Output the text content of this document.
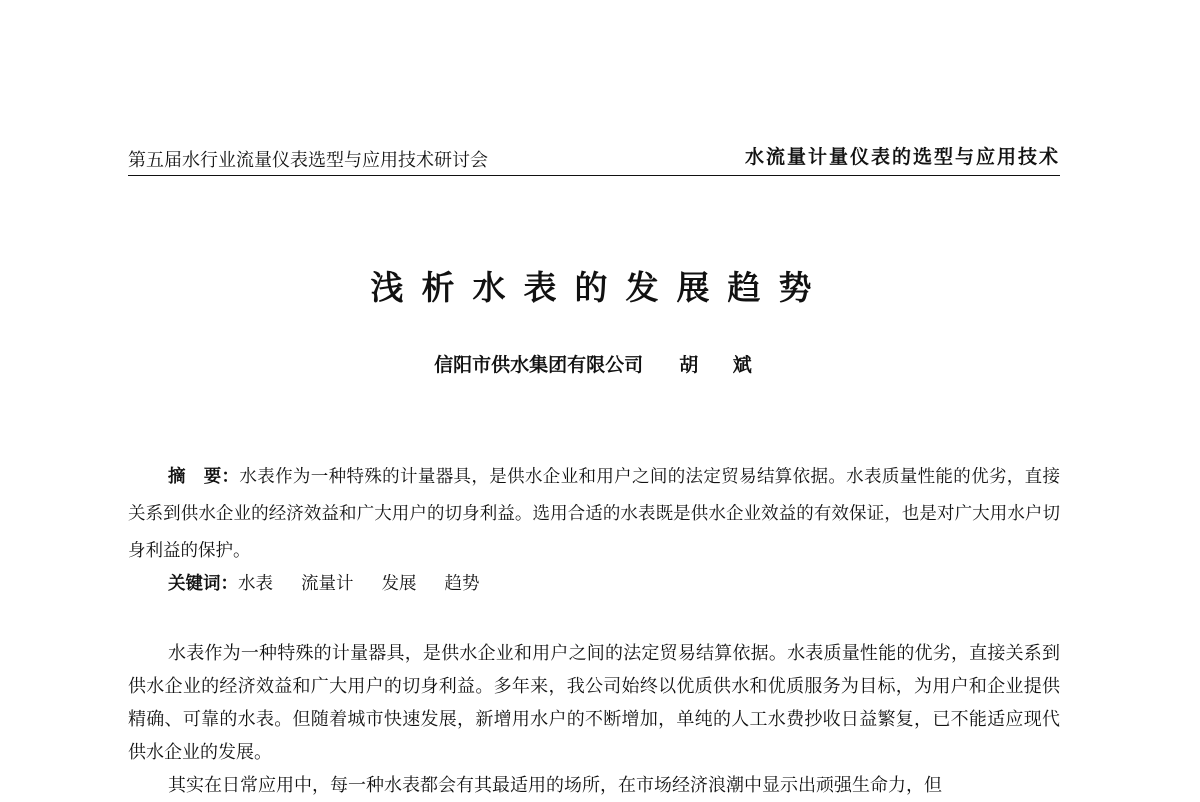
第五届水行业流量仪表选型与应用技术研讨会	水流量计量仪表的选型与应用技术
浅析水表的发展趋势
信阳市供水集团有限公司 胡 斌
摘　要：水表作为一种特殊的计量器具，是供水企业和用户之间的法定贸易结算依据。水表质量性能的优劣，直接关系到供水企业的经济效益和广大用户的切身利益。选用合适的水表既是供水企业效益的有效保证，也是对广大用水户切身利益的保护。
关键词：水表 流量计 发展 趋势

水表作为一种特殊的计量器具，是供水企业和用户之间的法定贸易结算依据。水表质量性能的优劣，直接关系到供水企业的经济效益和广大用户的切身利益。多年来，我公司始终以优质供水和优质服务为目标，为用户和企业提供精确、可靠的水表。但随着城市快速发展，新增用水户的不断增加，单纯的人工水费抄收日益繁复，已不能适应现代供水企业的发展。

其实在日常应用中，每一种水表都会有其最适用的场所，在市场经济浪潮中显示出顽强生命力，但
